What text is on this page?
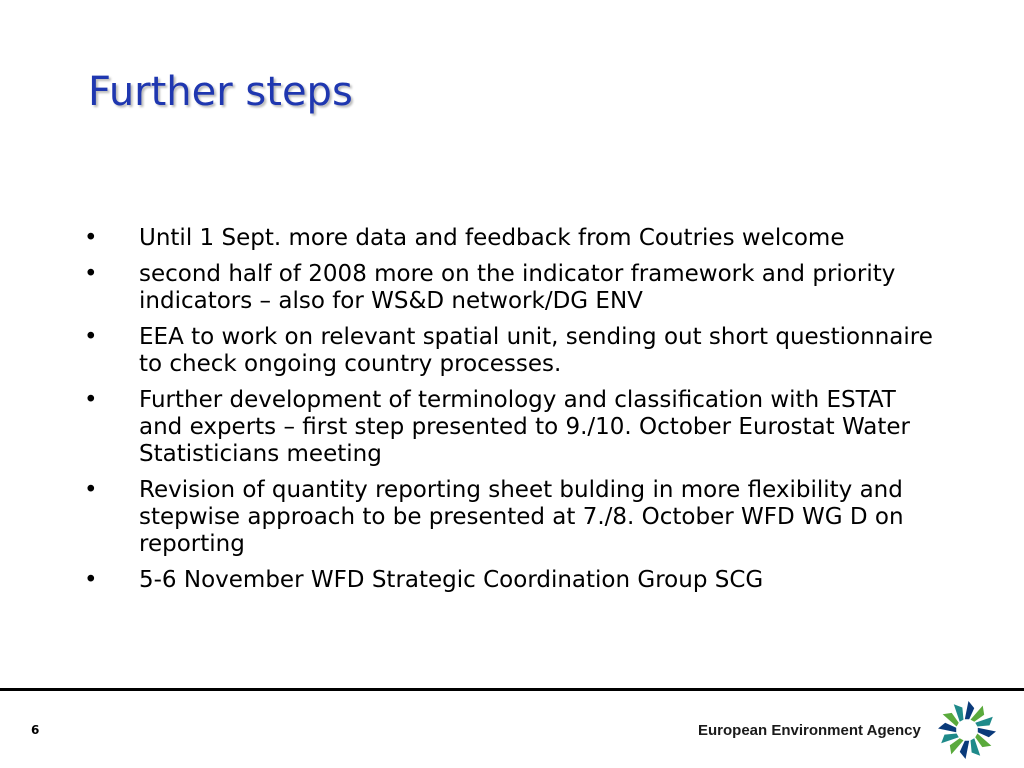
Further steps
• Until 1 Sept. more data and feedback from Coutries welcome
• second half of 2008 more on the indicator framework and priority indicators – also for WS&D network/DG ENV
• EEA to work on relevant spatial unit, sending out short questionnaire to check ongoing country processes.
• Further development of terminology and classification with ESTAT and experts – first step presented to 9./10. October Eurostat Water Statisticians meeting
• Revision of quantity reporting sheet bulding in more flexibility and stepwise approach to be presented at 7./8. October WFD WG D on reporting
• 5-6 November WFD Strategic Coordination Group SCG
6	European Environment Agency
